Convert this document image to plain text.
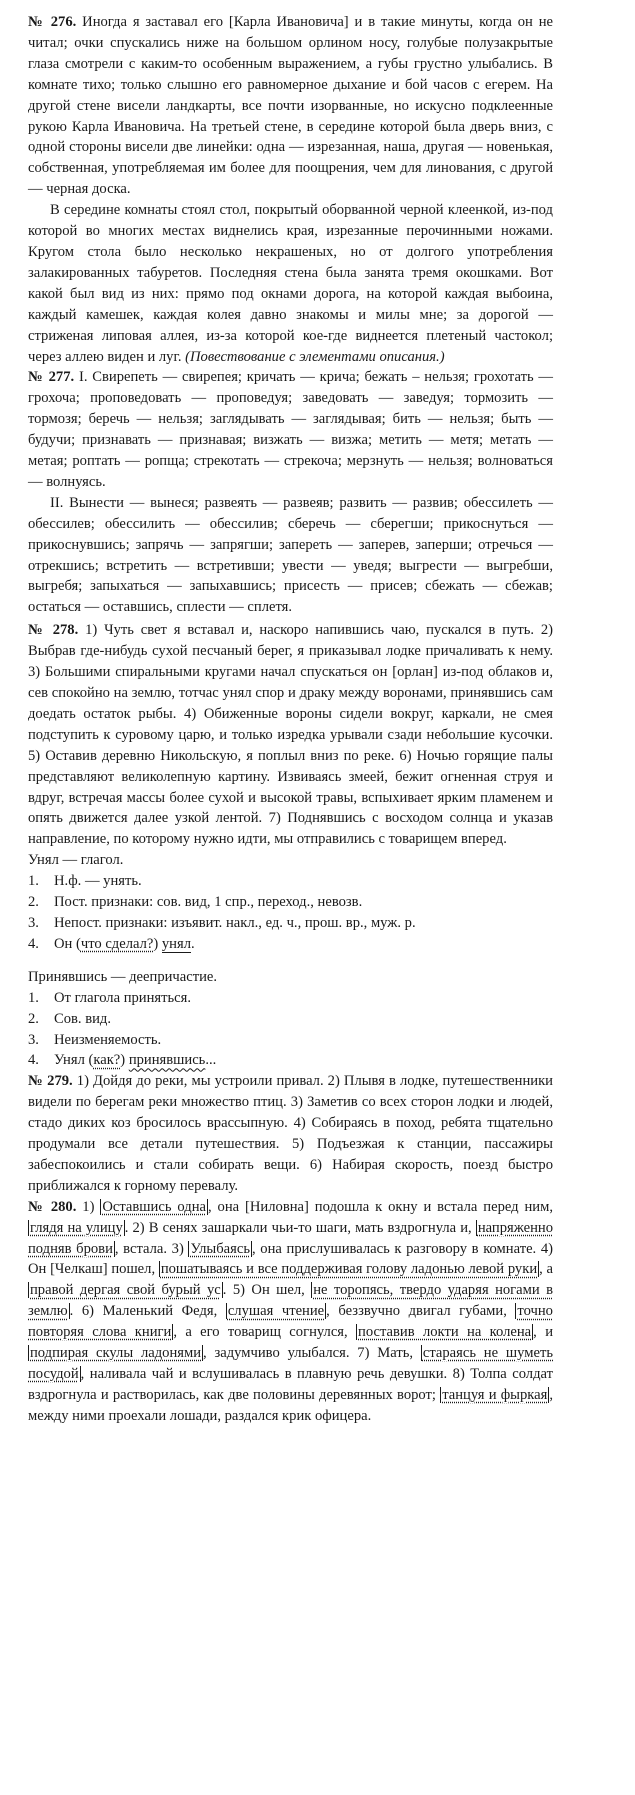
№ 276. Иногда я заставал его [Карла Ивановича] и в такие минуты, когда он не читал; очки спускались ниже на большом орлином носу, голубые полузакрытые глаза смотрели с каким-то особенным выражением, а губы грустно улыбались. В комнате тихо; только слышно его равномерное дыхание и бой часов с егерем. На другой стене висели ландкарты, все почти изорванные, но искусно подклеенные рукою Карла Ивановича. На третьей стене, в середине которой была дверь вниз, с одной стороны висели две линейки: одна — изрезанная, наша, другая — новенькая, собственная, употребляемая им более для поощрения, чем для линования, с другой — черная доска.

В середине комнаты стоял стол, покрытый оборванной черной клеенкой, из-под которой во многих местах виднелись края, изрезанные перочинными ножами. Кругом стола было несколько некрашеных, но от долгого употребления залакированных табуретов. Последняя стена была занята тремя окошками. Вот какой был вид из них: прямо под окнами дорога, на которой каждая выбоина, каждый камешек, каждая колея давно знакомы и милы мне; за дорогой — стриженая липовая аллея, из-за которой кое-где виднеется плетеный частокол; через аллею виден и луг. (Повествование с элементами описания.)

№ 277. I. Свирепеть — свирепея; кричать — крича; бежать – нельзя; грохотать — грохоча; проповедовать — проповедуя; заведовать — заведуя; тормозить — тормозя; беречь — нельзя; заглядывать — заглядывая; бить — нельзя; быть — будучи; признавать — признавая; визжать — визжа; метить — метя; метать — метая; роптать — ропща; стрекотать — стрекоча; мерзнуть — нельзя; волноваться — волнуясь.

II. Вынести — вынеся; развеять — развеяв; развить — развив; обессилеть — обессилев; обессилить — обессилив; сберечь — сберегши; прикоснуться — прикоснувшись; запрячь — запрягши; запереть — заперев, заперши; отречься — отрекшись; встретить — встретивши; увести — уведя; выгрести — выгребши, выгребя; запыхаться — запыхавшись; присесть — присев; сбежать — сбежав; остаться — оставшись, сплести — сплетя.

№ 278. 1) Чуть свет я вставал и, наскоро напившись чаю, пускался в путь. 2) Выбрав где-нибудь сухой песчаный берег, я приказывал лодке причаливать к нему. 3) Большими спиральными кругами начал спускаться он [орлан] из-под облаков и, сев спокойно на землю, тотчас унял спор и драку между воронами, принявшись сам доедать остаток рыбы. 4) Обиженные вороны сидели вокруг, каркали, не смея подступить к суровому царю, и только изредка урывали сзади небольшие кусочки. 5) Оставив деревню Никольскую, я поплыл вниз по реке. 6) Ночью горящие палы представляют великолепную картину. Извиваясь змеей, бежит огненная струя и вдруг, встречая массы более сухой и высокой травы, вспыхивает ярким пламенем и опять движется далее узкой лентой. 7) Поднявшись с восходом солнца и указав направление, по которому нужно идти, мы отправились с товарищем вперед.

Унял — глагол.

1. Н.ф. — унять.
2. Пост. признаки: сов. вид, 1 спр., переход., невозв.
3. Непост. признаки: изъявит. накл., ед. ч., прош. вр., муж. р.
4. Он (что сделал?) унял.

Принявшись — деепричастие.

1. От глагола приняться.
2. Сов. вид.
3. Неизменяемость.
4. Унял (как?) принявшись...

№ 279. 1) Дойдя до реки, мы устроили привал. 2) Плывя в лодке, путешественники видели по берегам реки множество птиц. 3) Заметив со всех сторон лодки и людей, стадо диких коз бросилось врассыпную. 4) Собираясь в поход, ребята тщательно продумали все детали путешествия. 5) Подъезжая к станции, пассажиры забеспокоились и стали собирать вещи. 6) Набирая скорость, поезд быстро приближался к горному перевалу.

№ 280. 1) Оставшись одна , она [Ниловна] подошла к окну и встала перед ним, глядя на улицу . 2) В сенях зашаркали чьи-то шаги, мать вздрогнула и, напряженно подняв брови , встала. 3) Улыбаясь , она прислушивалась к разговору в комнате. 4) Он [Челкаш] пошел, пошатываясь и все поддерживая голову ладонью левой руки , а правой дергая свой бурый ус . 5) Он шел, не торопясь, твердо ударяя ногами в землю . 6) Маленький Федя, слушая чтение , беззвучно двигал губами, точно повторяя слова книги , а его товарищ согнулся, поставив локти на колена , и подпирая скулы ладонями , задумчиво улыбался. 7) Мать, стараясь не шуметь посудой , наливала чай и вслушивалась в плавную речь девушки. 8) Толпа солдат вздрогнула и растворилась, как две половины деревянных ворот; танцуя и фыркая , между ними проехали лошади, раздался крик офицера.
